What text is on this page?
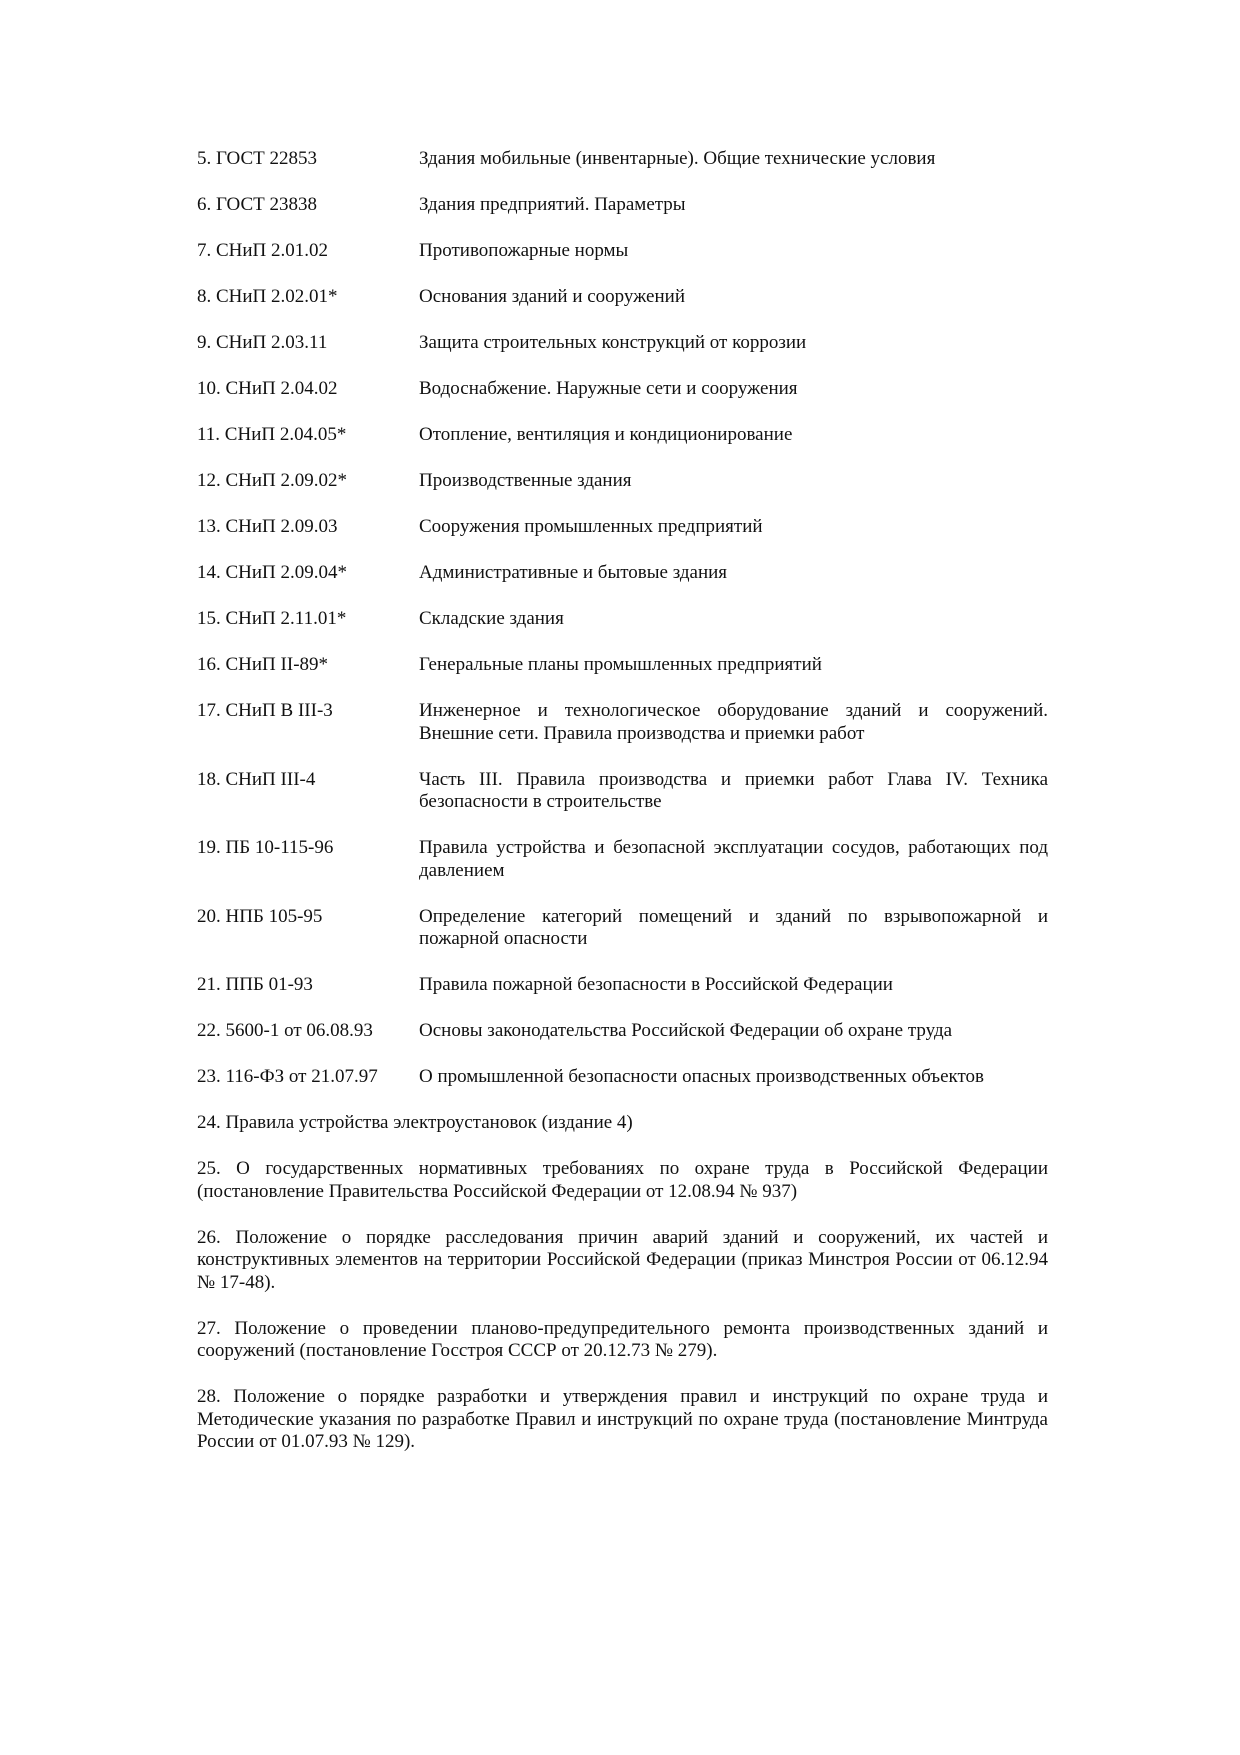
5. ГОСТ 22853	Здания мобильные (инвентарные). Общие технические условия
6. ГОСТ 23838	Здания предприятий. Параметры
7. СНиП 2.01.02	Противопожарные нормы
8. СНиП 2.02.01*	Основания зданий и сооружений
9. СНиП 2.03.11	Защита строительных конструкций от коррозии
10. СНиП 2.04.02	Водоснабжение. Наружные сети и сооружения
11. СНиП 2.04.05*	Отопление, вентиляция и кондиционирование
12. СНиП 2.09.02*	Производственные здания
13. СНиП 2.09.03	Сооружения промышленных предприятий
14. СНиП 2.09.04*	Административные и бытовые здания
15. СНиП 2.11.01*	Складские здания
16. СНиП II-89*	Генеральные планы промышленных предприятий
17. СНиП В III-3	Инженерное и технологическое оборудование зданий и сооружений. Внешние сети. Правила производства и приемки работ
18. СНиП III-4	Часть III. Правила производства и приемки работ Глава IV. Техника безопасности в строительстве
19. ПБ 10-115-96	Правила устройства и безопасной эксплуатации сосудов, работающих под давлением
20. НПБ 105-95	Определение категорий помещений и зданий по взрывопожарной и пожарной опасности
21. ППБ 01-93	Правила пожарной безопасности в Российской Федерации
22. 5600-1 от 06.08.93	Основы законодательства Российской Федерации об охране труда
23. 116-ФЗ от 21.07.97	О промышленной безопасности опасных производственных объектов
24. Правила устройства электроустановок (издание 4)
25. О государственных нормативных требованиях по охране труда в Российской Федерации (постановление Правительства Российской Федерации от 12.08.94 № 937)
26. Положение о порядке расследования причин аварий зданий и сооружений, их частей и конструктивных элементов на территории Российской Федерации (приказ Минстроя России от 06.12.94 № 17-48).
27. Положение о проведении планово-предупредительного ремонта производственных зданий и сооружений (постановление Госстроя СССР от 20.12.73 № 279).
28. Положение о порядке разработки и утверждения правил и инструкций по охране труда и Методические указания по разработке Правил и инструкций по охране труда (постановление Минтруда России от 01.07.93 № 129).
